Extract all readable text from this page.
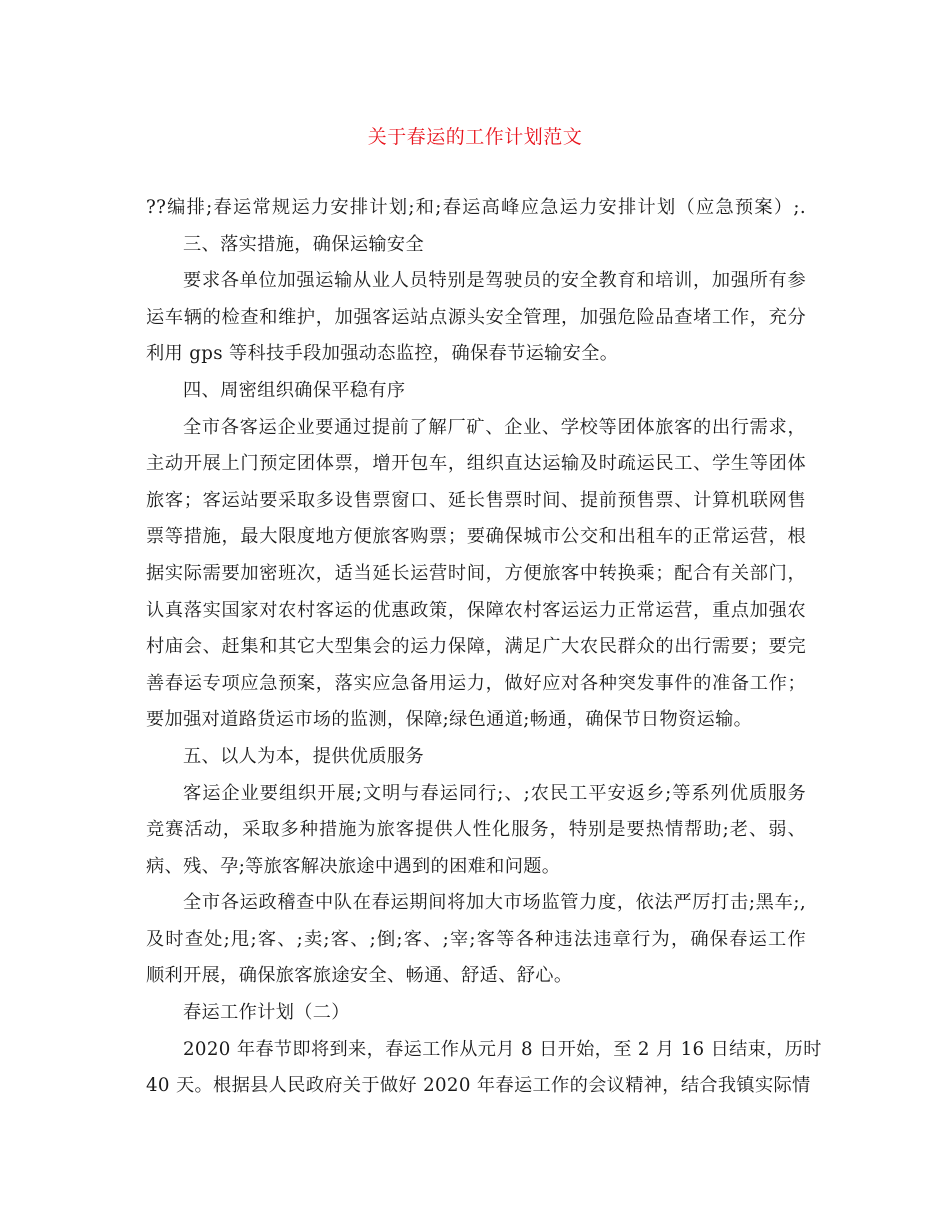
关于春运的工作计划范文
??编排;春运常规运力安排计划;和;春运高峰应急运力安排计划（应急预案）;.
三、落实措施，确保运输安全
要求各单位加强运输从业人员特别是驾驶员的安全教育和培训，加强所有参
运车辆的检查和维护，加强客运站点源头安全管理，加强危险品查堵工作，充分
利用 gps 等科技手段加强动态监控，确保春节运输安全。
四、周密组织确保平稳有序
全市各客运企业要通过提前了解厂矿、企业、学校等团体旅客的出行需求，
主动开展上门预定团体票，增开包车，组织直达运输及时疏运民工、学生等团体
旅客；客运站要采取多设售票窗口、延长售票时间、提前预售票、计算机联网售
票等措施，最大限度地方便旅客购票；要确保城市公交和出租车的正常运营，根
据实际需要加密班次，适当延长运营时间，方便旅客中转换乘；配合有关部门，
认真落实国家对农村客运的优惠政策，保障农村客运运力正常运营，重点加强农
村庙会、赶集和其它大型集会的运力保障，满足广大农民群众的出行需要；要完
善春运专项应急预案，落实应急备用运力，做好应对各种突发事件的准备工作；
要加强对道路货运市场的监测，保障;绿色通道;畅通，确保节日物资运输。
五、以人为本，提供优质服务
客运企业要组织开展;文明与春运同行;、;农民工平安返乡;等系列优质服务
竞赛活动，采取多种措施为旅客提供人性化服务，特别是要热情帮助;老、弱、
病、残、孕;等旅客解决旅途中遇到的困难和问题。
全市各运政稽查中队在春运期间将加大市场监管力度，依法严厉打击;黑车;,
及时查处;甩;客、;卖;客、;倒;客、;宰;客等各种违法违章行为，确保春运工作
顺利开展，确保旅客旅途安全、畅通、舒适、舒心。
春运工作计划（二）
2020 年春节即将到来，春运工作从元月 8 日开始，至 2 月 16 日结束，历时
40 天。根据县人民政府关于做好 2020 年春运工作的会议精神，结合我镇实际情
